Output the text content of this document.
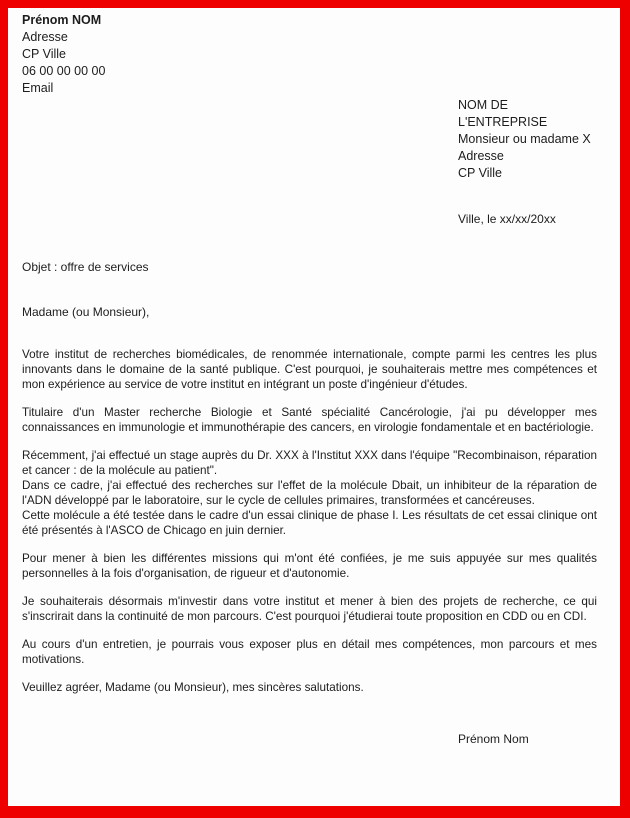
Prénom NOM
Adresse
CP Ville
06 00 00 00 00
Email
NOM DE
L'ENTREPRISE
Monsieur ou madame X
Adresse
CP Ville
Ville, le xx/xx/20xx
Objet : offre de services
Madame (ou Monsieur),

Votre institut de recherches biomédicales, de renommée internationale, compte parmi les centres les plus innovants dans le domaine de la santé publique. C'est pourquoi, je souhaiterais mettre mes compétences et mon expérience au service de votre institut en intégrant un poste d'ingénieur d'études.

Titulaire d'un Master recherche Biologie et Santé spécialité Cancérologie, j'ai pu développer mes connaissances en immunologie et immunothérapie des cancers, en virologie fondamentale et en bactériologie.

Récemment, j'ai effectué un stage auprès du Dr. XXX à l'Institut XXX dans l'équipe "Recombinaison, réparation et cancer : de la molécule au patient".

Dans ce cadre, j'ai effectué des recherches sur l'effet de la molécule Dbait, un inhibiteur de la réparation de l'ADN développé par le laboratoire, sur le cycle de cellules primaires, transformées et cancéreuses.

Cette molécule a été testée dans le cadre d'un essai clinique de phase I. Les résultats de cet essai clinique ont été présentés à l'ASCO de Chicago en juin dernier.

Pour mener à bien les différentes missions qui m'ont été confiées, je me suis appuyée sur mes qualités personnelles à la fois d'organisation, de rigueur et d'autonomie.

Je souhaiterais désormais m'investir dans votre institut et mener à bien des projets de recherche, ce qui s'inscrirait dans la continuité de mon parcours. C'est pourquoi j'étudierai toute proposition en CDD ou en CDI.

Au cours d'un entretien, je pourrais vous exposer plus en détail mes compétences, mon parcours et mes motivations.

Veuillez agréer, Madame (ou Monsieur), mes sincères salutations.
Prénom Nom
